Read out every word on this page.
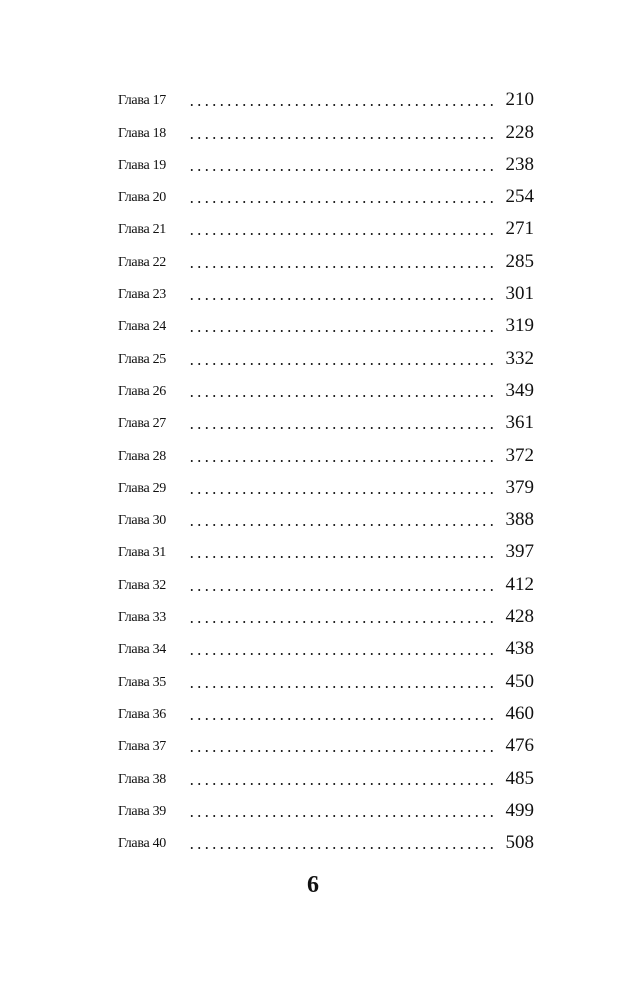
Глава 17	210
Глава 18	228
Глава 19	238
Глава 20	254
Глава 21	271
Глава 22	285
Глава 23	301
Глава 24	319
Глава 25	332
Глава 26	349
Глава 27	361
Глава 28	372
Глава 29	379
Глава 30	388
Глава 31	397
Глава 32	412
Глава 33	428
Глава 34	438
Глава 35	450
Глава 36	460
Глава 37	476
Глава 38	485
Глава 39	499
Глава 40	508
6
